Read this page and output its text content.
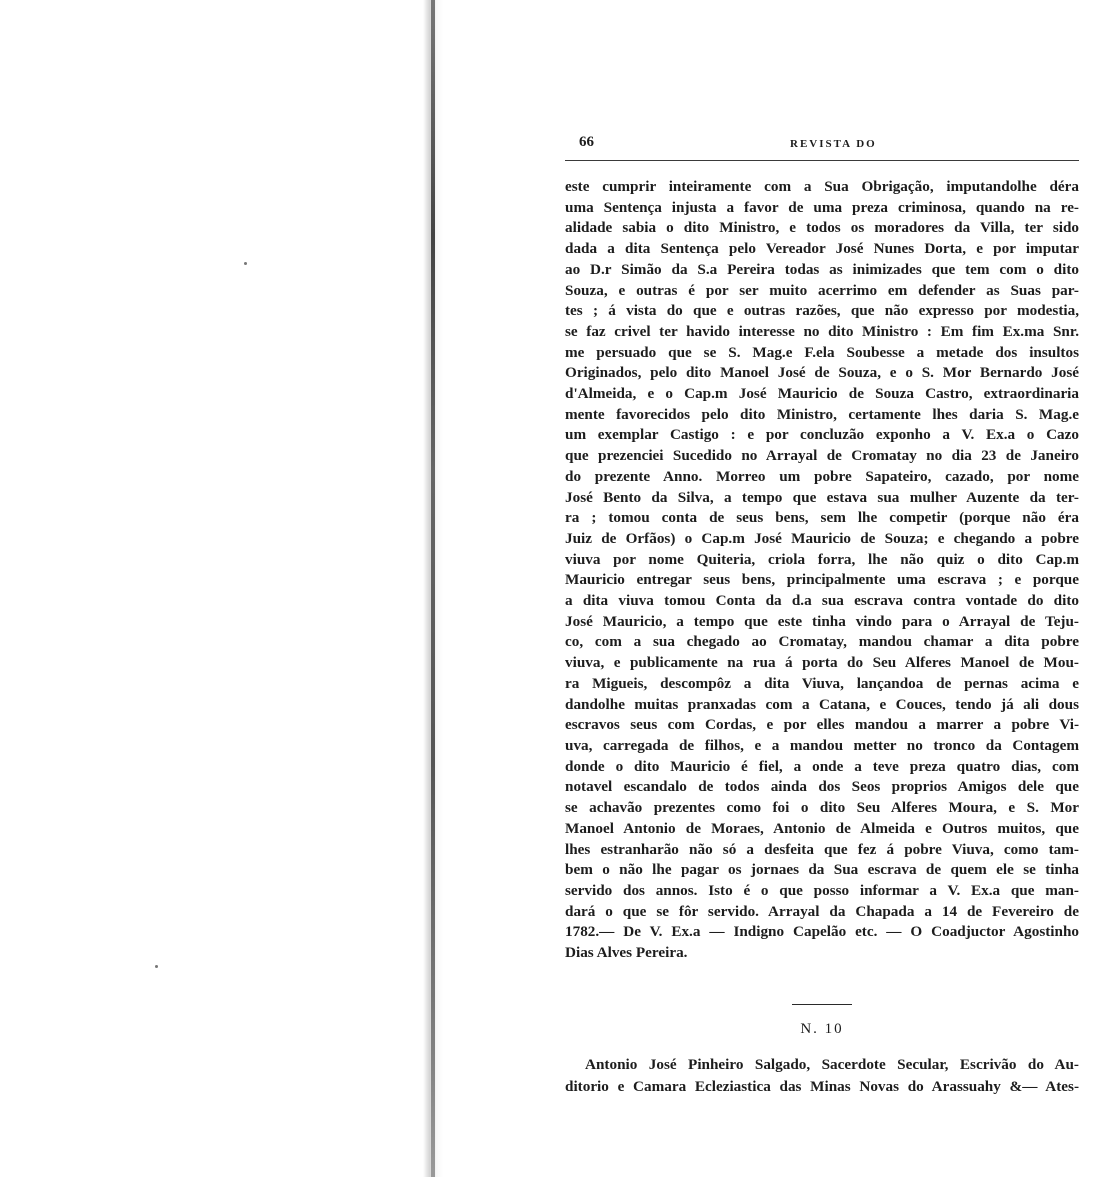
66	REVISTA DO
este cumprir inteiramente com a Sua Obrigação, imputandolhe déra
uma Sentença injusta a favor de uma preza criminosa, quando na re-
alidade sabia o dito Ministro, e todos os moradores da Villa, ter sido
dada a dita Sentença pelo Vereador José Nunes Dorta, e por imputar
ao D.r Simão da S.a Pereira todas as inimizades que tem com o dito
Souza, e outras é por ser muito acerrimo em defender as Suas par-
tes ; á vista do que e outras razões, que não expresso por modestia,
se faz crivel ter havido interesse no dito Ministro : Em fim Ex.ma Snr.
me persuado que se S. Mag.e F.ela Soubesse a metade dos insultos
Originados, pelo dito Manoel José de Souza, e o S. Mor Bernardo José
d'Almeida, e o Cap.m José Mauricio de Souza Castro, extraordinaria
mente favorecidos pelo dito Ministro, certamente lhes daria S. Mag.e
um exemplar Castigo : e por concluzão exponho a V. Ex.a o Cazo
que prezenciei Sucedido no Arrayal de Cromatay no dia 23 de Janeiro
do prezente Anno. Morreo um pobre Sapateiro, cazado, por nome
José Bento da Silva, a tempo que estava sua mulher Auzente da ter-
ra ; tomou conta de seus bens, sem lhe competir (porque não éra
Juiz de Orfãos) o Cap.m José Mauricio de Souza; e chegando a pobre
viuva por nome Quiteria, criola forra, lhe não quiz o dito Cap.m
Mauricio entregar seus bens, principalmente uma escrava ; e porque
a dita viuva tomou Conta da d.a sua escrava contra vontade do dito
José Mauricio, a tempo que este tinha vindo para o Arrayal de Teju-
co, com a sua chegado ao Cromatay, mandou chamar a dita pobre
viuva, e publicamente na rua á porta do Seu Alferes Manoel de Mou-
ra Migueis, descompôz a dita Viuva, lançandoa de pernas acima e
dandolhe muitas pranxadas com a Catana, e Couces, tendo já ali dous
escravos seus com Cordas, e por elles mandou a marrer a pobre Vi-
uva, carregada de filhos, e a mandou metter no tronco da Contagem
donde o dito Mauricio é fiel, a onde a teve preza quatro dias, com
notavel escandalo de todos ainda dos Seos proprios Amigos dele que
se achavão prezentes como foi o dito Seu Alferes Moura, e S. Mor
Manoel Antonio de Moraes, Antonio de Almeida e Outros muitos, que
lhes estranharão não só a desfeita que fez á pobre Viuva, como tam-
bem o não lhe pagar os jornaes da Sua escrava de quem ele se tinha
servido dos annos. Isto é o que posso informar a V. Ex.a que man-
dará o que se fôr servido. Arrayal da Chapada a 14 de Fevereiro de
1782.— De V. Ex.a — Indigno Capelão etc. — O Coadjuctor Agostinho
Dias Alves Pereira.
N. 10
Antonio José Pinheiro Salgado, Sacerdote Secular, Escrivão do Au-
ditorio e Camara Ecleziastica das Minas Novas do Arassuahy &— Ates-
